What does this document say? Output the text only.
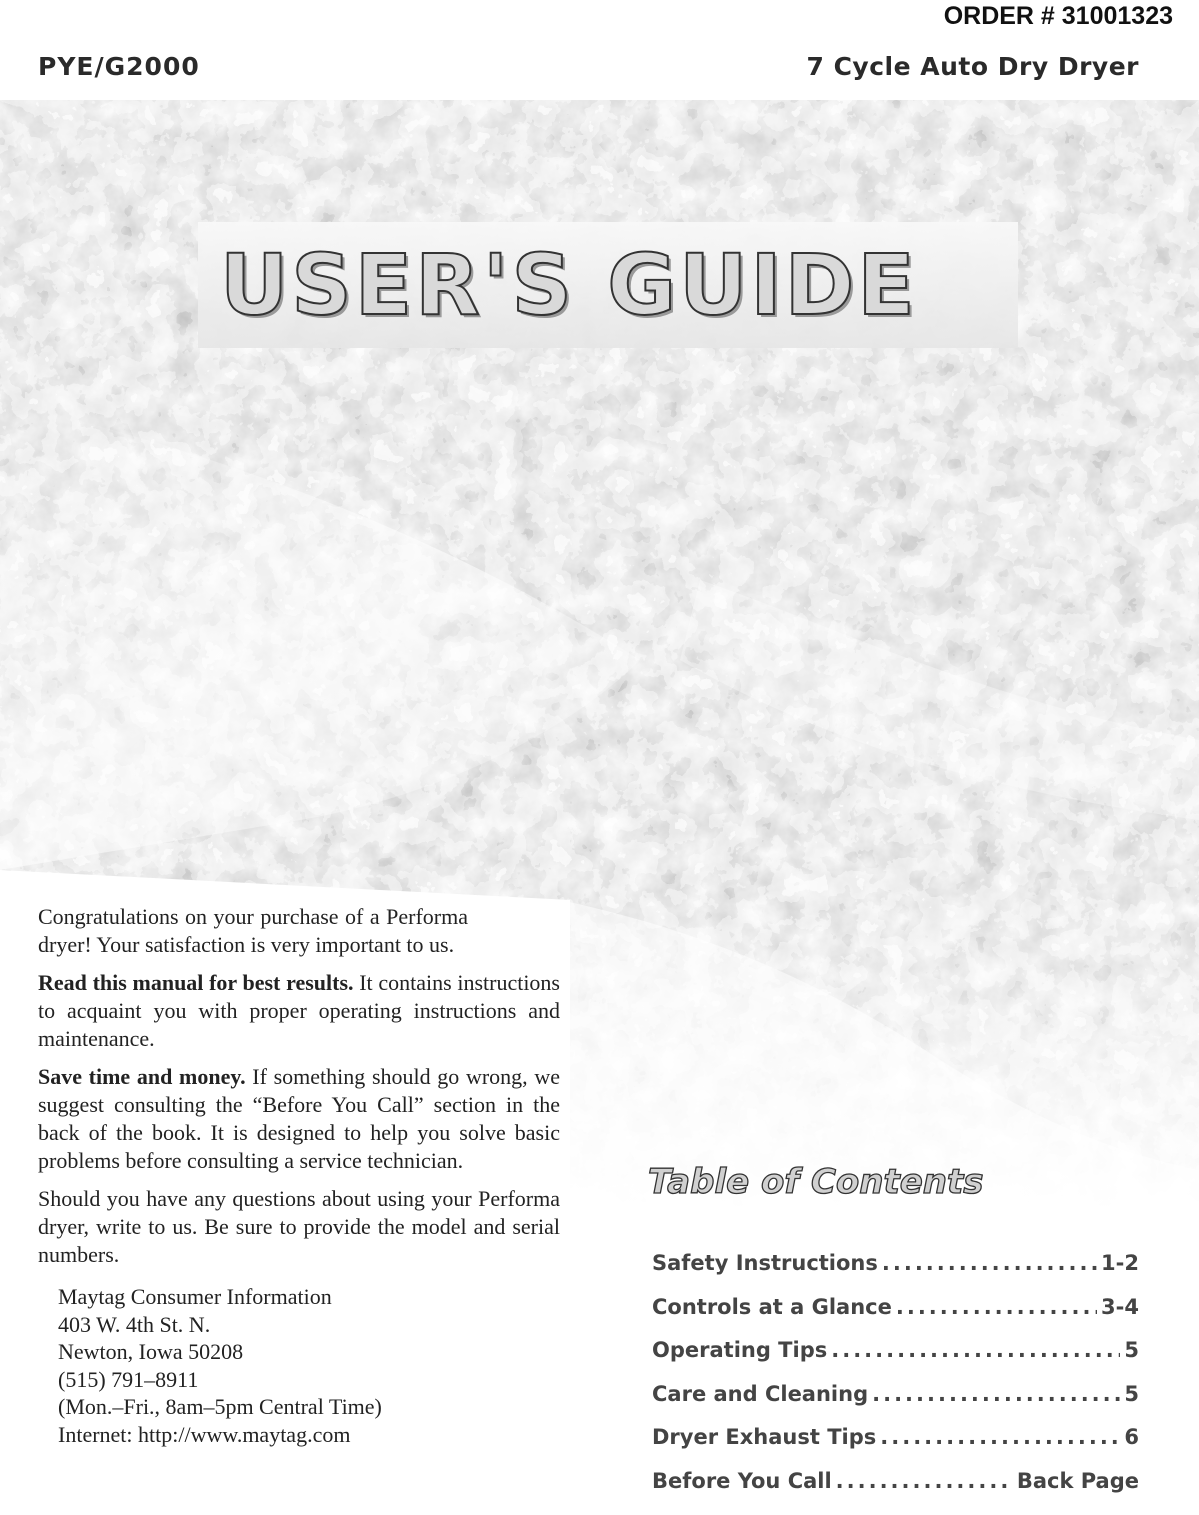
ORDER # 31001323
PYE/G2000	7 Cycle Auto Dry Dryer
USER'S GUIDE

Congratulations on your purchase of a Performa dryer! Your satisfaction is very important to us.

Read this manual for best results. It contains instructions to acquaint you with proper operating instructions and maintenance.

Save time and money. If something should go wrong, we suggest consulting the “Before You Call” section in the back of the book. It is designed to help you solve basic problems before consulting a service technician.

Should you have any questions about using your Performa dryer, write to us. Be sure to provide the model and serial numbers.

Maytag Consumer Information
403 W. 4th St. N.
Newton, Iowa 50208
(515) 791–8911
(Mon.–Fri., 8am–5pm Central Time)
Internet: http://www.maytag.com
Table of Contents
Safety Instructions .....	1-2
Controls at a Glance .....	3-4
Operating Tips .....	5
Care and Cleaning .....	5
Dryer Exhaust Tips .....	6
Before You Call .....	Back Page
